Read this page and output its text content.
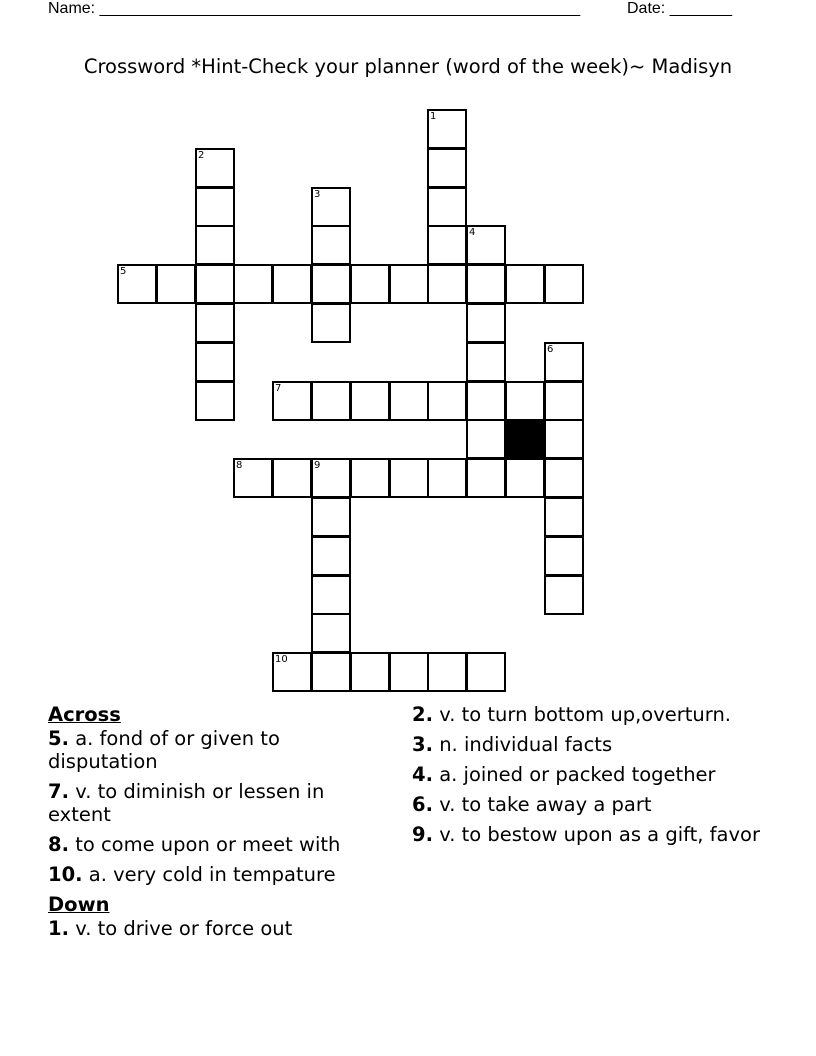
Name: ______________________________________________________	Date: _______
Crossword *Hint-Check your planner (word of the week)~ Madisyn
1
2
3
4
5
6
7
8	9
10
Across
5. a. fond of or given to disputation
7. v. to diminish or lessen in extent
8. to come upon or meet with
10. a. very cold in tempature
Down
1. v. to drive or force out
2. v. to turn bottom up,overturn.
3. n. individual facts
4. a. joined or packed together
6. v. to take away a part
9. v. to bestow upon as a gift, favor
